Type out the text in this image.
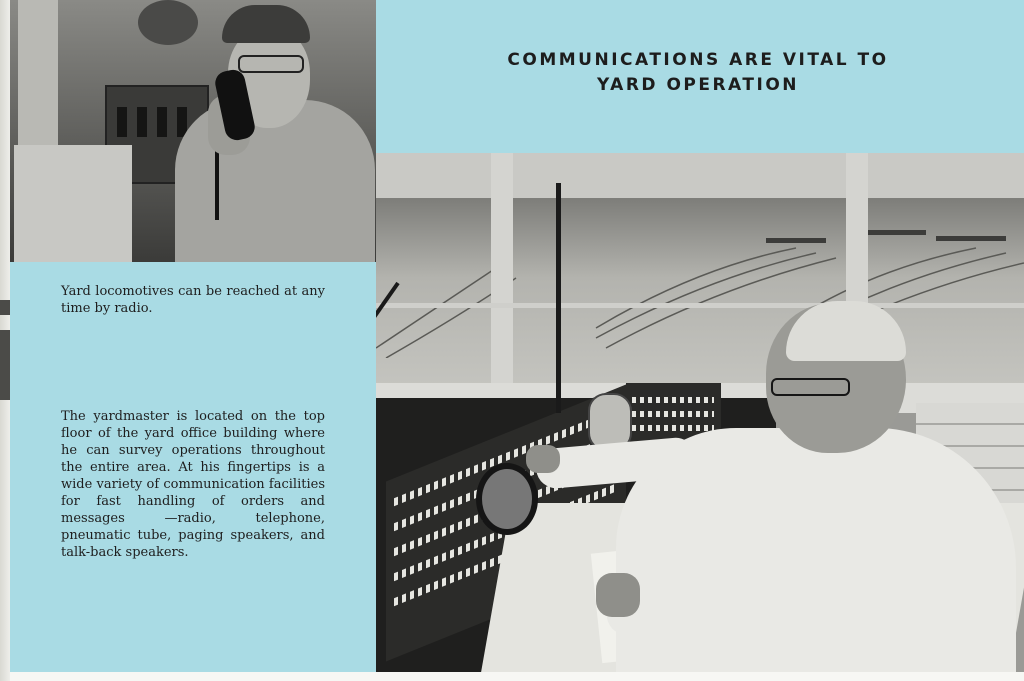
Yard locomotives can be reached at any time by radio.
The yardmaster is located on the top floor of the yard office building where he can survey operations throughout the entire area. At his fingertips is a wide variety of communication facilities for fast handling of orders and messages —radio, telephone, pneumatic tube, paging speakers, and talk-back speakers.
COMMUNICATIONS ARE VITAL TO
YARD OPERATION
